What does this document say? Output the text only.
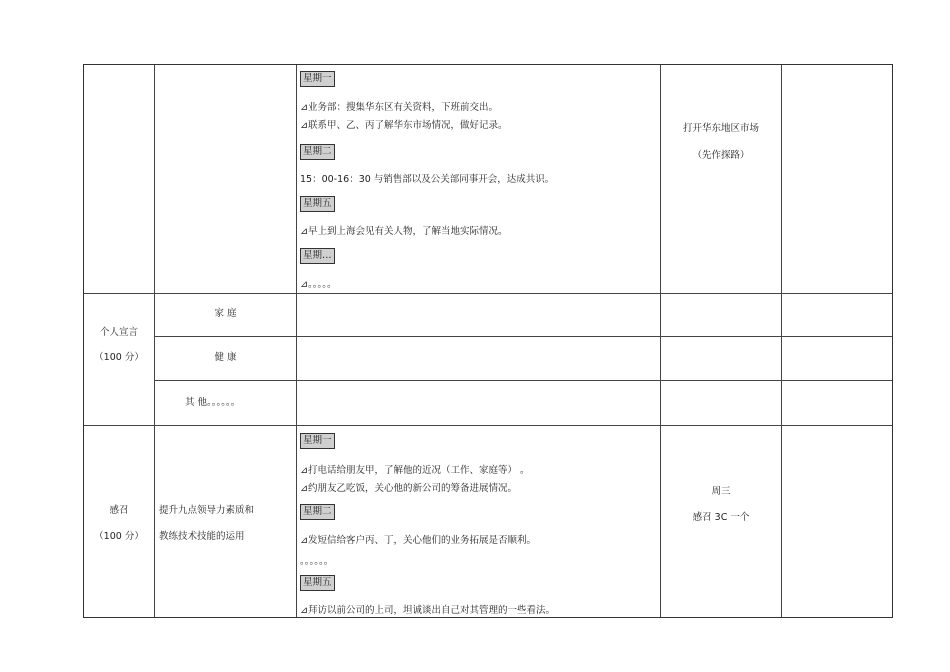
星期一
⊿业务部：搜集华东区有关资料，下班前交出。
⊿联系甲、乙、丙了解华东市场情况，做好记录。
星期二
15：00-16：30 与销售部以及公关部同事开会，达成共识。
星期五
⊿早上到上海会见有关人物，了解当地实际情况。
星期…
⊿。。。。。
打开华东地区市场
（先作探路）
个人宣言
（100 分）
家 庭
健 康
其 他。。。。。。
感召
（100 分）
提升九点领导力素质和
教练技术技能的运用
星期一
⊿打电话给朋友甲，了解他的近况（工作、家庭等） 。
⊿约朋友乙吃饭，关心他的新公司的筹备进展情况。
星期二
⊿发短信给客户丙、丁，关心他们的业务拓展是否顺利。
。。。。。。
星期五
⊿拜访以前公司的上司，坦诚谈出自己对其管理的一些看法。
周三
感召 3C 一个
